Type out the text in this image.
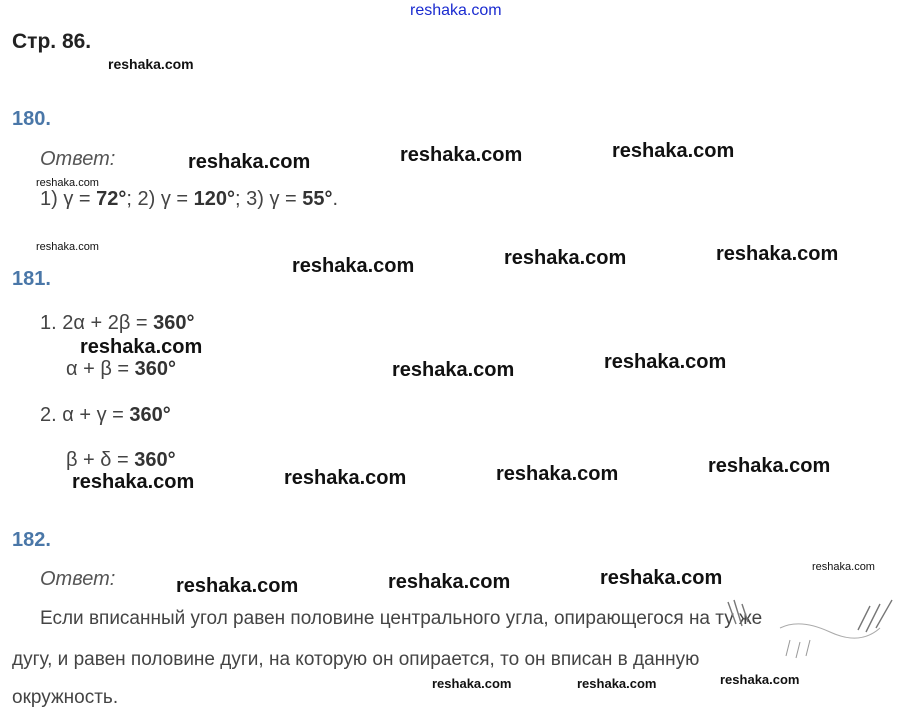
reshaka.com
Стр. 86.
180.
Ответ:
1) γ = 72°; 2) γ = 120°; 3) γ = 55°.
181.
1. 2α + 2β = 360°
α + β = 360°
2. α + γ = 360°
β + δ = 360°
182.
Ответ:
Если вписанный угол равен половине центрального угла, опирающегося на ту же
дугу, и равен половине дуги, на которую он опирается, то он вписан в данную
окружность.
reshaka.com
reshaka.com	reshaka.com	reshaka.com
reshaka.com
reshaka.com
reshaka.com	reshaka.com	reshaka.com
reshaka.com
reshaka.com	reshaka.com
reshaka.com	reshaka.com	reshaka.com	reshaka.com
reshaka.com
reshaka.com	reshaka.com	reshaka.com
reshaka.com	reshaka.com	reshaka.com
